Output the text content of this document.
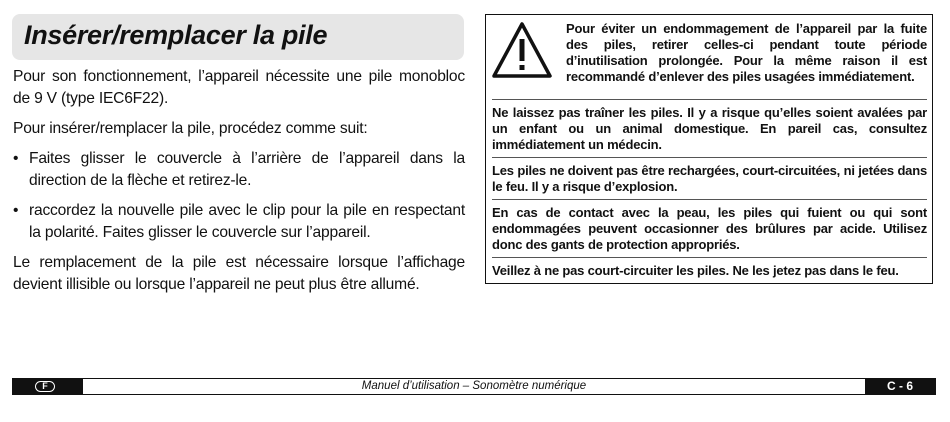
Insérer/remplacer la pile

Pour son fonctionnement, l’appareil nécessite une pile monobloc de 9 V (type IEC6F22).

Pour insérer/remplacer la pile, procédez comme suit:

• Faites glisser le couvercle à l’arrière de l’appareil dans la direction de la flèche et retirez-le.
• raccordez la nouvelle pile avec le clip pour la pile en respectant la polarité. Faites glisser le couvercle sur l’appareil.

Le remplacement de la pile est nécessaire lorsque l’affichage devient illisible ou lorsque l’appareil ne peut plus être allumé.

Pour éviter un endommagement de l’appareil par la fuite des piles, retirer celles-ci pendant toute période d’inutilisation prolongée. Pour la même raison il est recommandé d’enlever des piles usagées immédiatement.

Ne laissez pas traîner les piles. Il y a risque qu’elles soient avalées par un enfant ou un animal domestique. En pareil cas, consultez immédiatement un médecin.

Les piles ne doivent pas être rechargées, court-circuitées, ni jetées dans le feu. Il y a risque d’explosion.

En cas de contact avec la peau, les piles qui fuient ou qui sont endommagées peuvent occasionner des brûlures par acide. Utilisez donc des gants de protection appropriés.

Veillez à ne pas court-circuiter les piles. Ne les jetez pas dans le feu.

F	Manuel d’utilisation – Sonomètre numérique	C - 6
